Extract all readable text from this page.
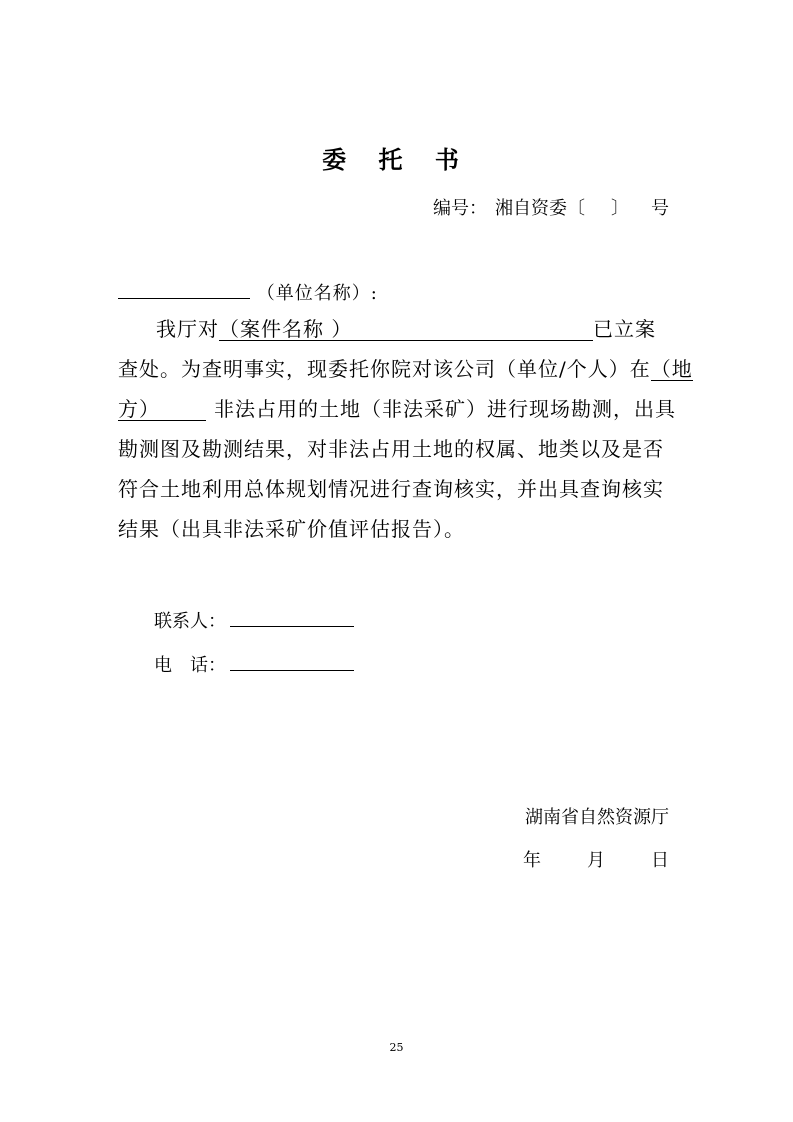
委 托 书
编号： 湘自资委〔 〕 号
（单位名称）:
我厅对（案件名称 ）	已立案
查处。为查明事实，现委托你院对该公司（单位/个人）在（地
方）	非法占用的土地（非法采矿）进行现场勘测，出具
勘测图及勘测结果，对非法占用土地的权属、地类以及是否
符合土地利用总体规划情况进行查询核实，并出具查询核实
结果（出具非法采矿价值评估报告）。
联系人：
电　话：
湖南省自然资源厅
年	月	日
25
